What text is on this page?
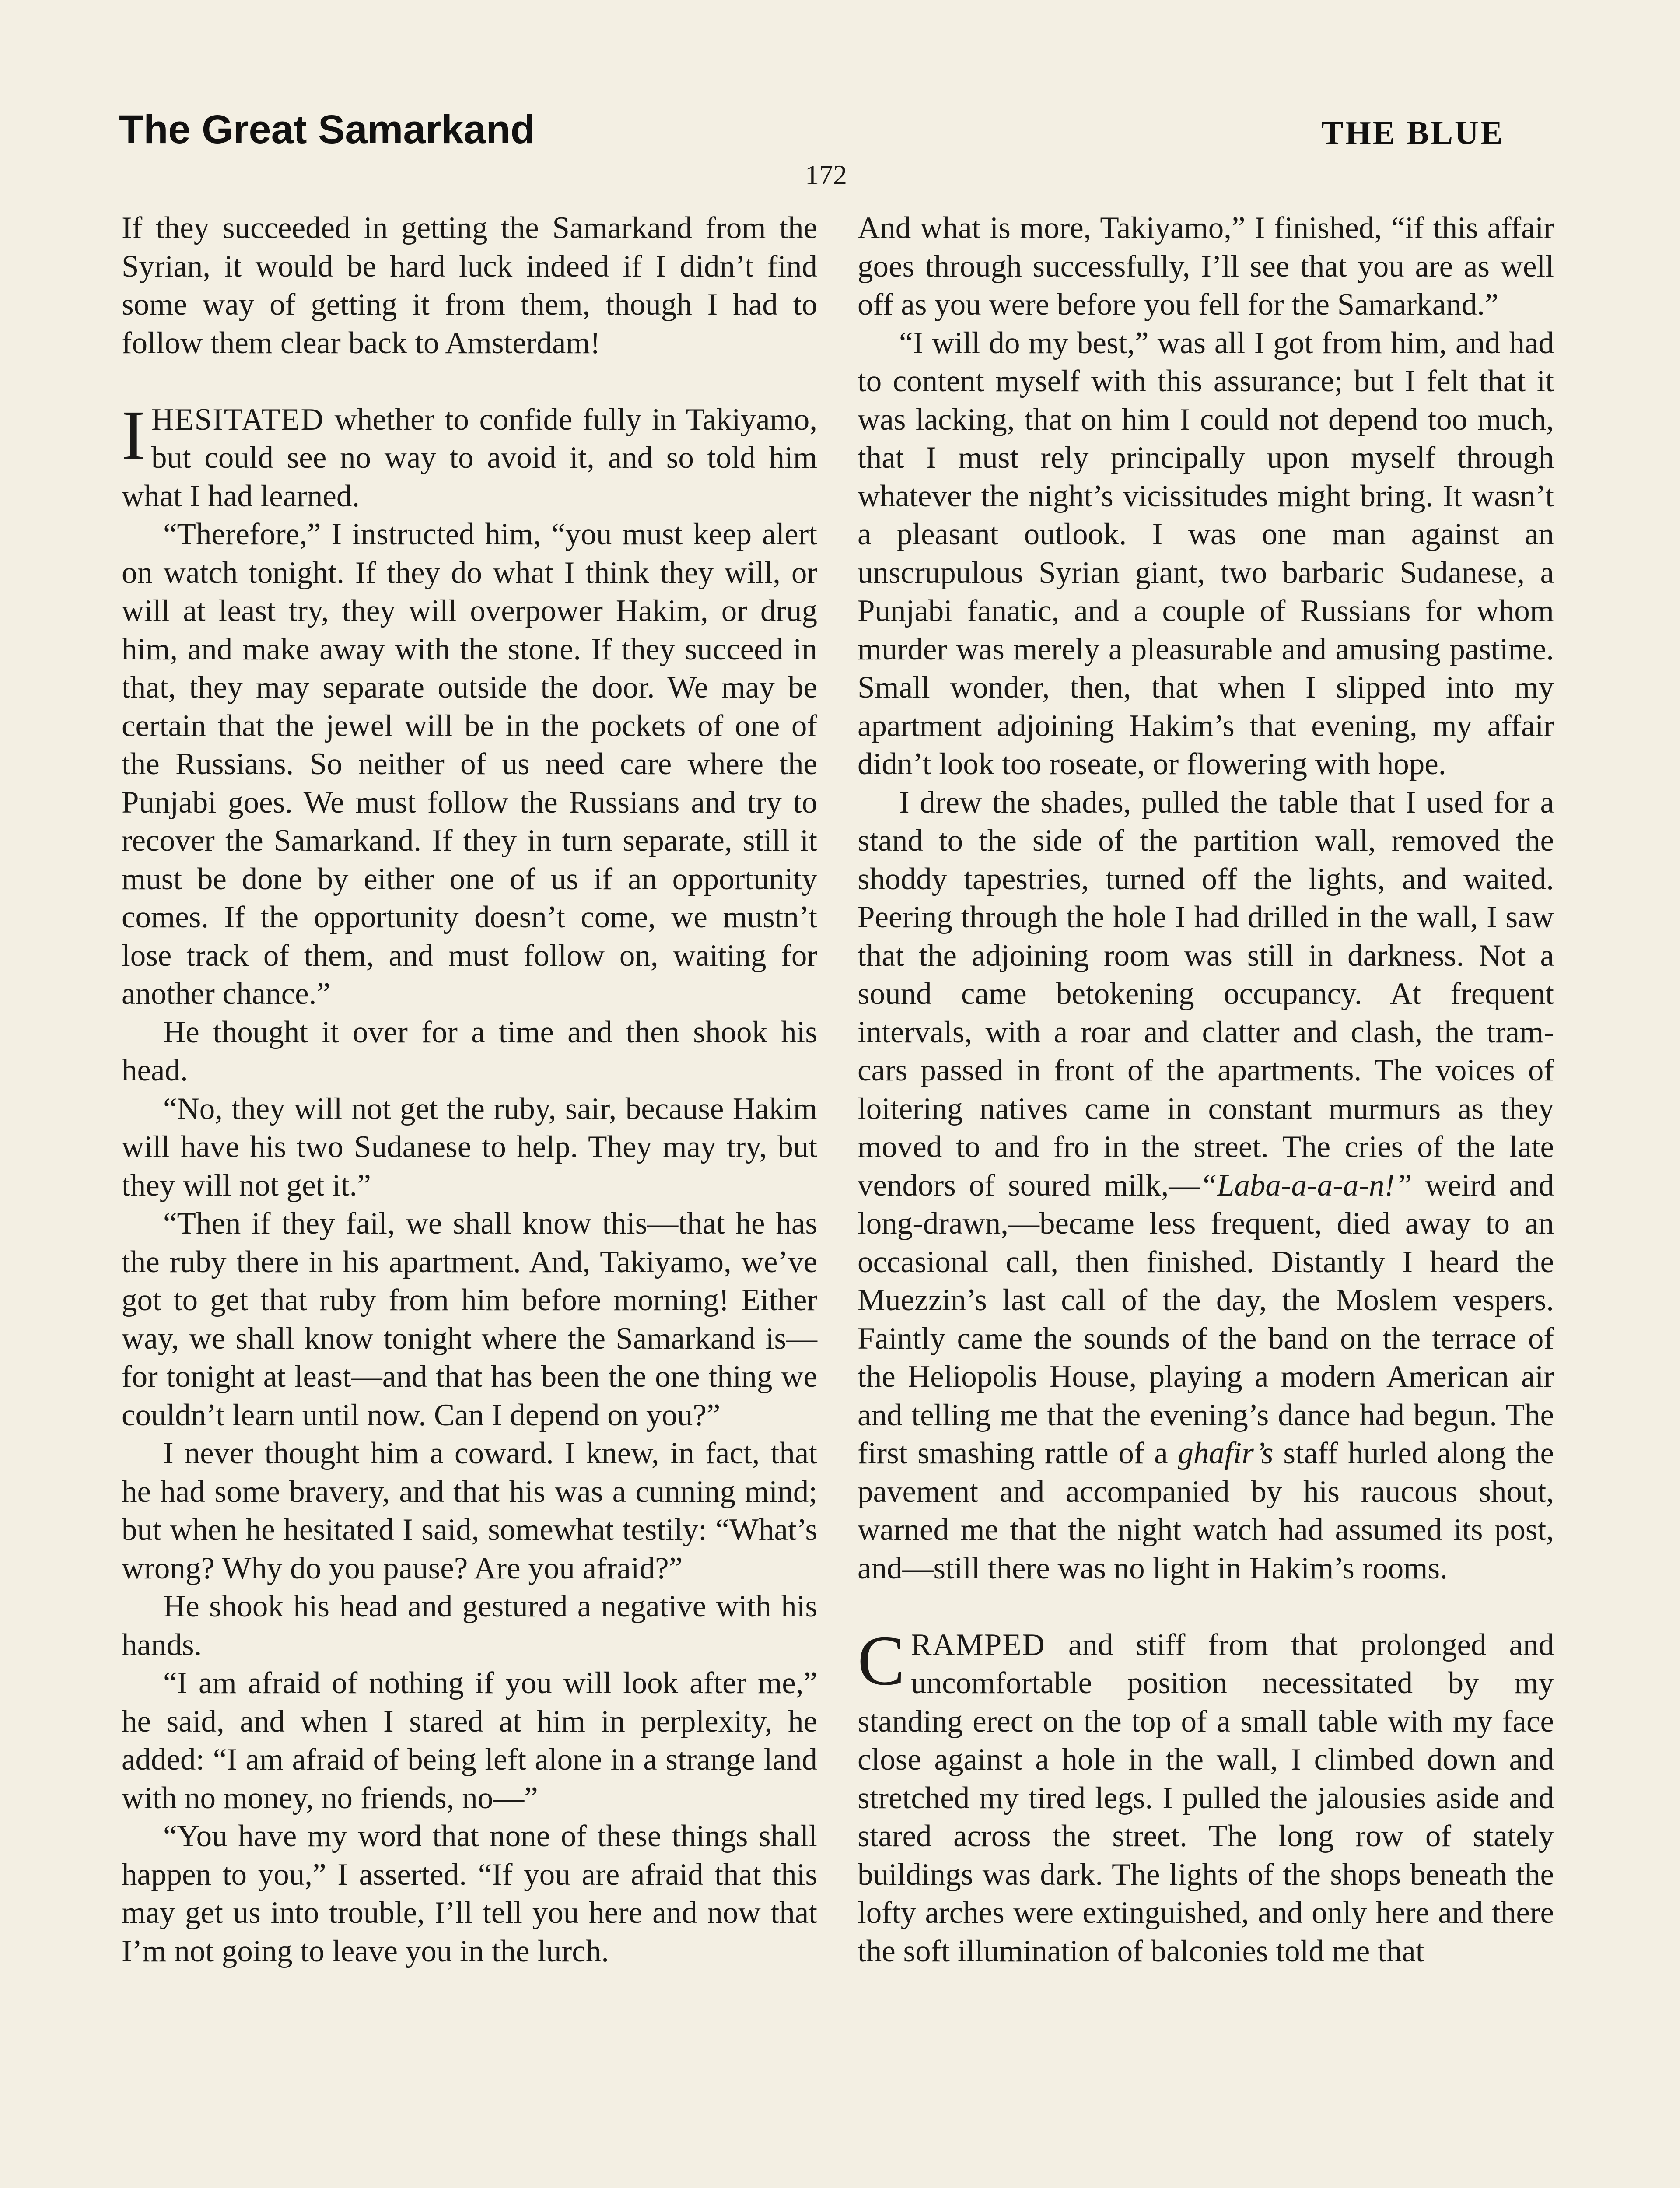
The Great Samarkand	THE BLUE
172

If they succeeded in getting the Samarkand from the Syrian, it would be hard luck indeed if I didn’t find some way of getting it from them, though I had to follow them clear back to Amsterdam!

IHESITATED whether to confide fully in Takiyamo, but could see no way to avoid it, and so told him what I had learned.

“Therefore,” I instructed him, “you must keep alert on watch tonight. If they do what I think they will, or will at least try, they will overpower Hakim, or drug him, and make away with the stone. If they succeed in that, they may separate outside the door. We may be certain that the jewel will be in the pockets of one of the Russians. So neither of us need care where the Punjabi goes. We must follow the Russians and try to recover the Samarkand. If they in turn separate, still it must be done by either one of us if an opportunity comes. If the opportunity doesn’t come, we mustn’t lose track of them, and must follow on, waiting for another chance.”

He thought it over for a time and then shook his head.

“No, they will not get the ruby, sair, because Hakim will have his two Sudanese to help. They may try, but they will not get it.”

“Then if they fail, we shall know this—that he has the ruby there in his apartment. And, Takiyamo, we’ve got to get that ruby from him before morning! Either way, we shall know tonight where the Samarkand is—for tonight at least—and that has been the one thing we couldn’t learn until now. Can I depend on you?”

I never thought him a coward. I knew, in fact, that he had some bravery, and that his was a cunning mind; but when he hesitated I said, somewhat testily: “What’s wrong? Why do you pause? Are you afraid?”

He shook his head and gestured a negative with his hands.

“I am afraid of nothing if you will look after me,” he said, and when I stared at him in perplexity, he added: “I am afraid of being left alone in a strange land with no money, no friends, no—”

“You have my word that none of these things shall happen to you,” I asserted. “If you are afraid that this may get us into trouble, I’ll tell you here and now that I’m not going to leave you in the lurch.

And what is more, Takiyamo,” I finished, “if this affair goes through successfully, I’ll see that you are as well off as you were before you fell for the Samarkand.”

“I will do my best,” was all I got from him, and had to content myself with this assurance; but I felt that it was lacking, that on him I could not depend too much, that I must rely principally upon myself through whatever the night’s vicissitudes might bring. It wasn’t a pleasant outlook. I was one man against an unscrupulous Syrian giant, two barbaric Sudanese, a Punjabi fanatic, and a couple of Russians for whom murder was merely a pleasurable and amusing pastime. Small wonder, then, that when I slipped into my apartment adjoining Hakim’s that evening, my affair didn’t look too roseate, or flowering with hope.

I drew the shades, pulled the table that I used for a stand to the side of the partition wall, removed the shoddy tapestries, turned off the lights, and waited. Peering through the hole I had drilled in the wall, I saw that the adjoining room was still in darkness. Not a sound came betokening occupancy. At frequent intervals, with a roar and clatter and clash, the tram-cars passed in front of the apartments. The voices of loitering natives came in constant murmurs as they moved to and fro in the street. The cries of the late vendors of soured milk,—“Laba-a-a-a-n!” weird and long-drawn,—became less frequent, died away to an occasional call, then finished. Distantly I heard the Muezzin’s last call of the day, the Moslem vespers. Faintly came the sounds of the band on the terrace of the Heliopolis House, playing a modern American air and telling me that the evening’s dance had begun. The first smashing rattle of a ghafir’s staff hurled along the pavement and accompanied by his raucous shout, warned me that the night watch had assumed its post, and—still there was no light in Hakim’s rooms.

CRAMPED and stiff from that prolonged and uncomfortable position necessitated by my standing erect on the top of a small table with my face close against a hole in the wall, I climbed down and stretched my tired legs. I pulled the jalousies aside and stared across the street. The long row of stately buildings was dark. The lights of the shops beneath the lofty arches were extinguished, and only here and there the soft illumination of balconies told me that
